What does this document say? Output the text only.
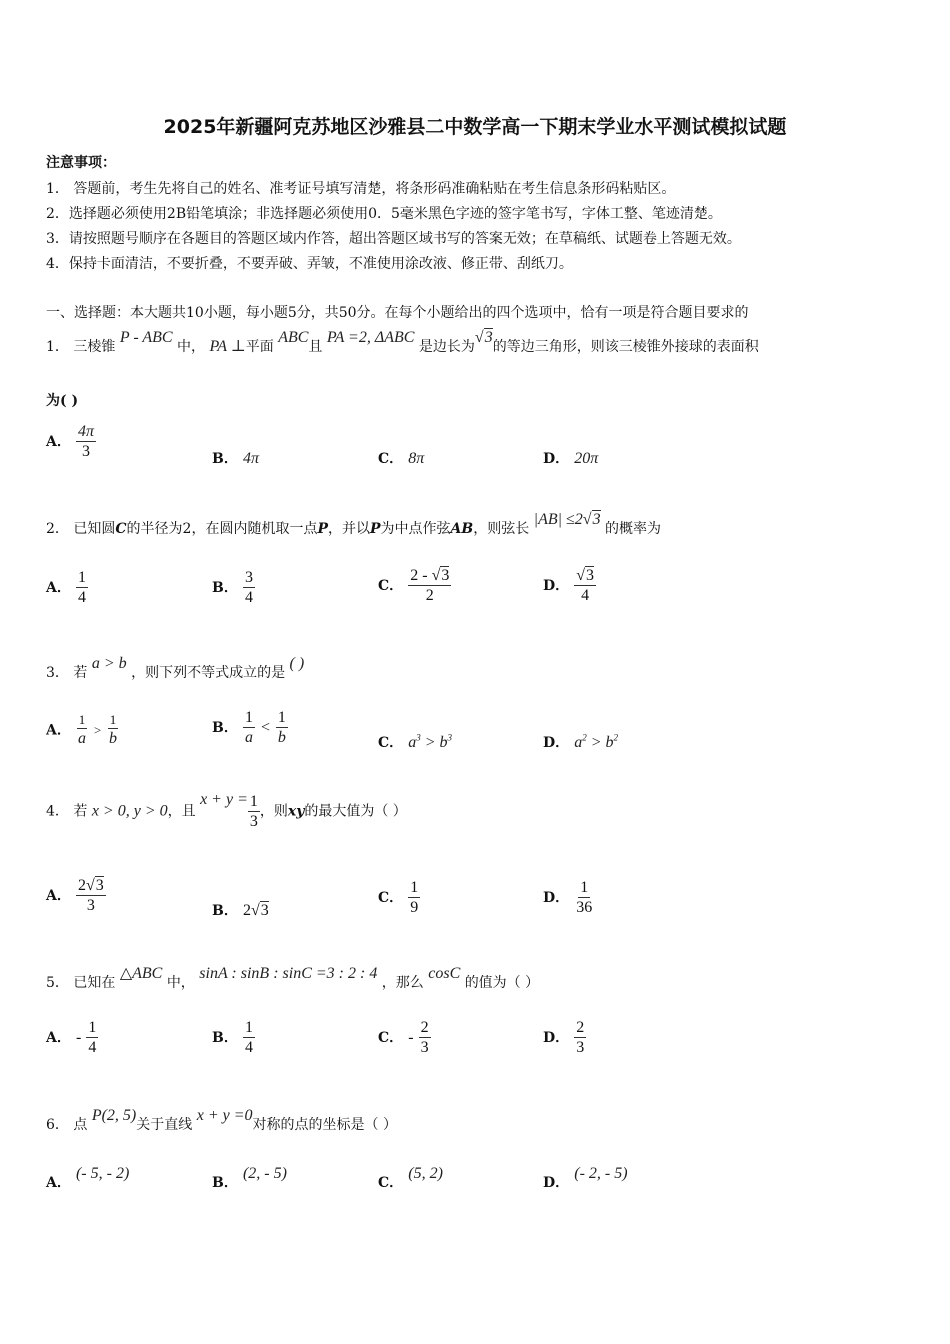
2025年新疆阿克苏地区沙雅县二中数学高一下期末学业水平测试模拟试题
注意事项：
1． 答题前，考生先将自己的姓名、准考证号填写清楚，将条形码准确粘贴在考生信息条形码粘贴区。
2．选择题必须使用2B铅笔填涂；非选择题必须使用0．5毫米黑色字迹的签字笔书写，字体工整、笔迹清楚。
3．请按照题号顺序在各题目的答题区域内作答，超出答题区域书写的答案无效；在草稿纸、试题卷上答题无效。
4．保持卡面清洁，不要折叠，不要弄破、弄皱，不准使用涂改液、修正带、刮纸刀。
一、选择题：本大题共10小题，每小题5分，共50分。在每个小题给出的四个选项中，恰有一项是符合题目要求的
1． 三棱锥 P - ABC 中， PA ⊥平面 ABC且 PA =2, ΔABC 是边长为√3的等边三角形，则该三棱锥外接球的表面积
为( )
A． $\frac{4\pi}{3}$	B． 4π	C． 8π	D． 20π
2． 已知圆C的半径为2，在圆内随机取一点P，并以P为中点作弦AB，则弦长 |AB| ≤2√3 的概率为
A． $\frac{1}{4}$	B． $\frac{3}{4}$	C． $\frac{2 - √3}{2}$	D． $\frac{√3}{4}$
3． 若 a > b ，则下列不等式成立的是 ( )
A． $\frac{1}{a} > \frac{1}{b}$	B． $\frac{1}{a} < \frac{1}{b}$	C． $a^3 > b^3$	D． $a^2 > b^2$
4． 若 x > 0, y > 0，且 $x + y = \frac{1}{3}$ ，则xy的最大值为（ ）
A． $\frac{2√3}{3}$	B． 2√3
C． $\frac{1}{9}$	D． $\frac{1}{36}$
5． 已知在 △ABC 中， sinA : sinB : sinC =3 : 2 : 4 ，那么 cosC 的值为（ ）
A． - $\frac{1}{4}$	B． $\frac{1}{4}$	C． - $\frac{2}{3}$	D． $\frac{2}{3}$
6． 点 P(2, 5)关于直线 x + y =0对称的点的坐标是（ ）
A． (- 5, - 2)
B． (2, - 5)
C． (5, 2)
D． (- 2, - 5)
